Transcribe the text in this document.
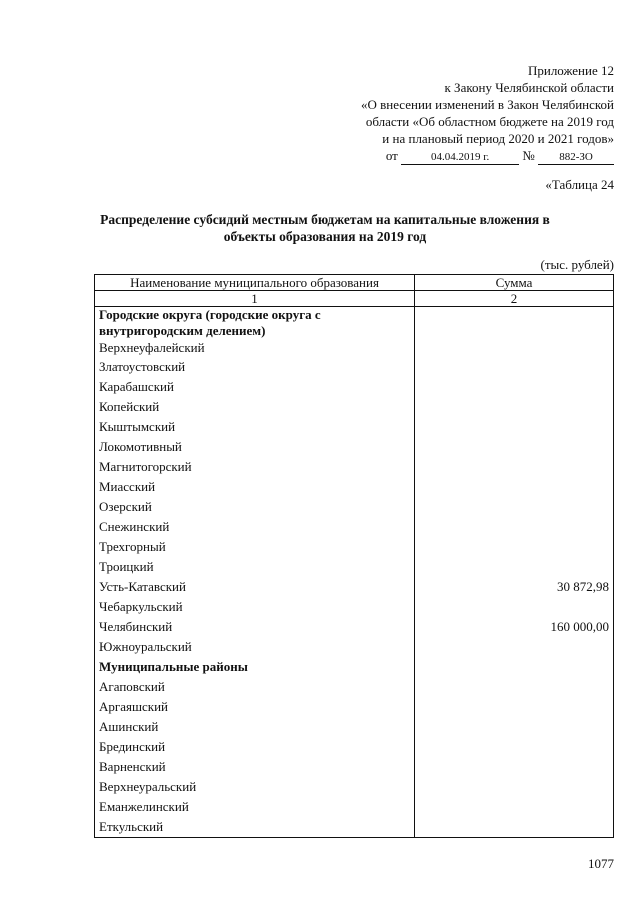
Приложение 12
к Закону Челябинской области
«О внесении изменений в Закон Челябинской
области «Об областном бюджете на 2019 год
и на плановый период 2020 и 2021 годов»
от	04.04.2019 г.	№ 882-ЗО
«Таблица 24
Распределение субсидий местным бюджетам на капитальные вложения в объекты образования на 2019 год
(тыс. рублей)
Наименование муниципального образования	Сумма
1	2
Городские округа (городские округа с внутригородским делением)	
Верхнеуфалейский	
Златоустовский	
Карабашский	
Копейский	
Кыштымский	
Локомотивный	
Магнитогорский	
Миасский	
Озерский	
Снежинский	
Трехгорный	
Троицкий	
Усть-Катавский	30 872,98
Чебаркульский	
Челябинский	160 000,00
Южноуральский	
Муниципальные районы	
Агаповский	
Аргаяшский	
Ашинский	
Брединский	
Варненский	
Верхнеуральский	
Еманжелинский	
Еткульский	
1077
